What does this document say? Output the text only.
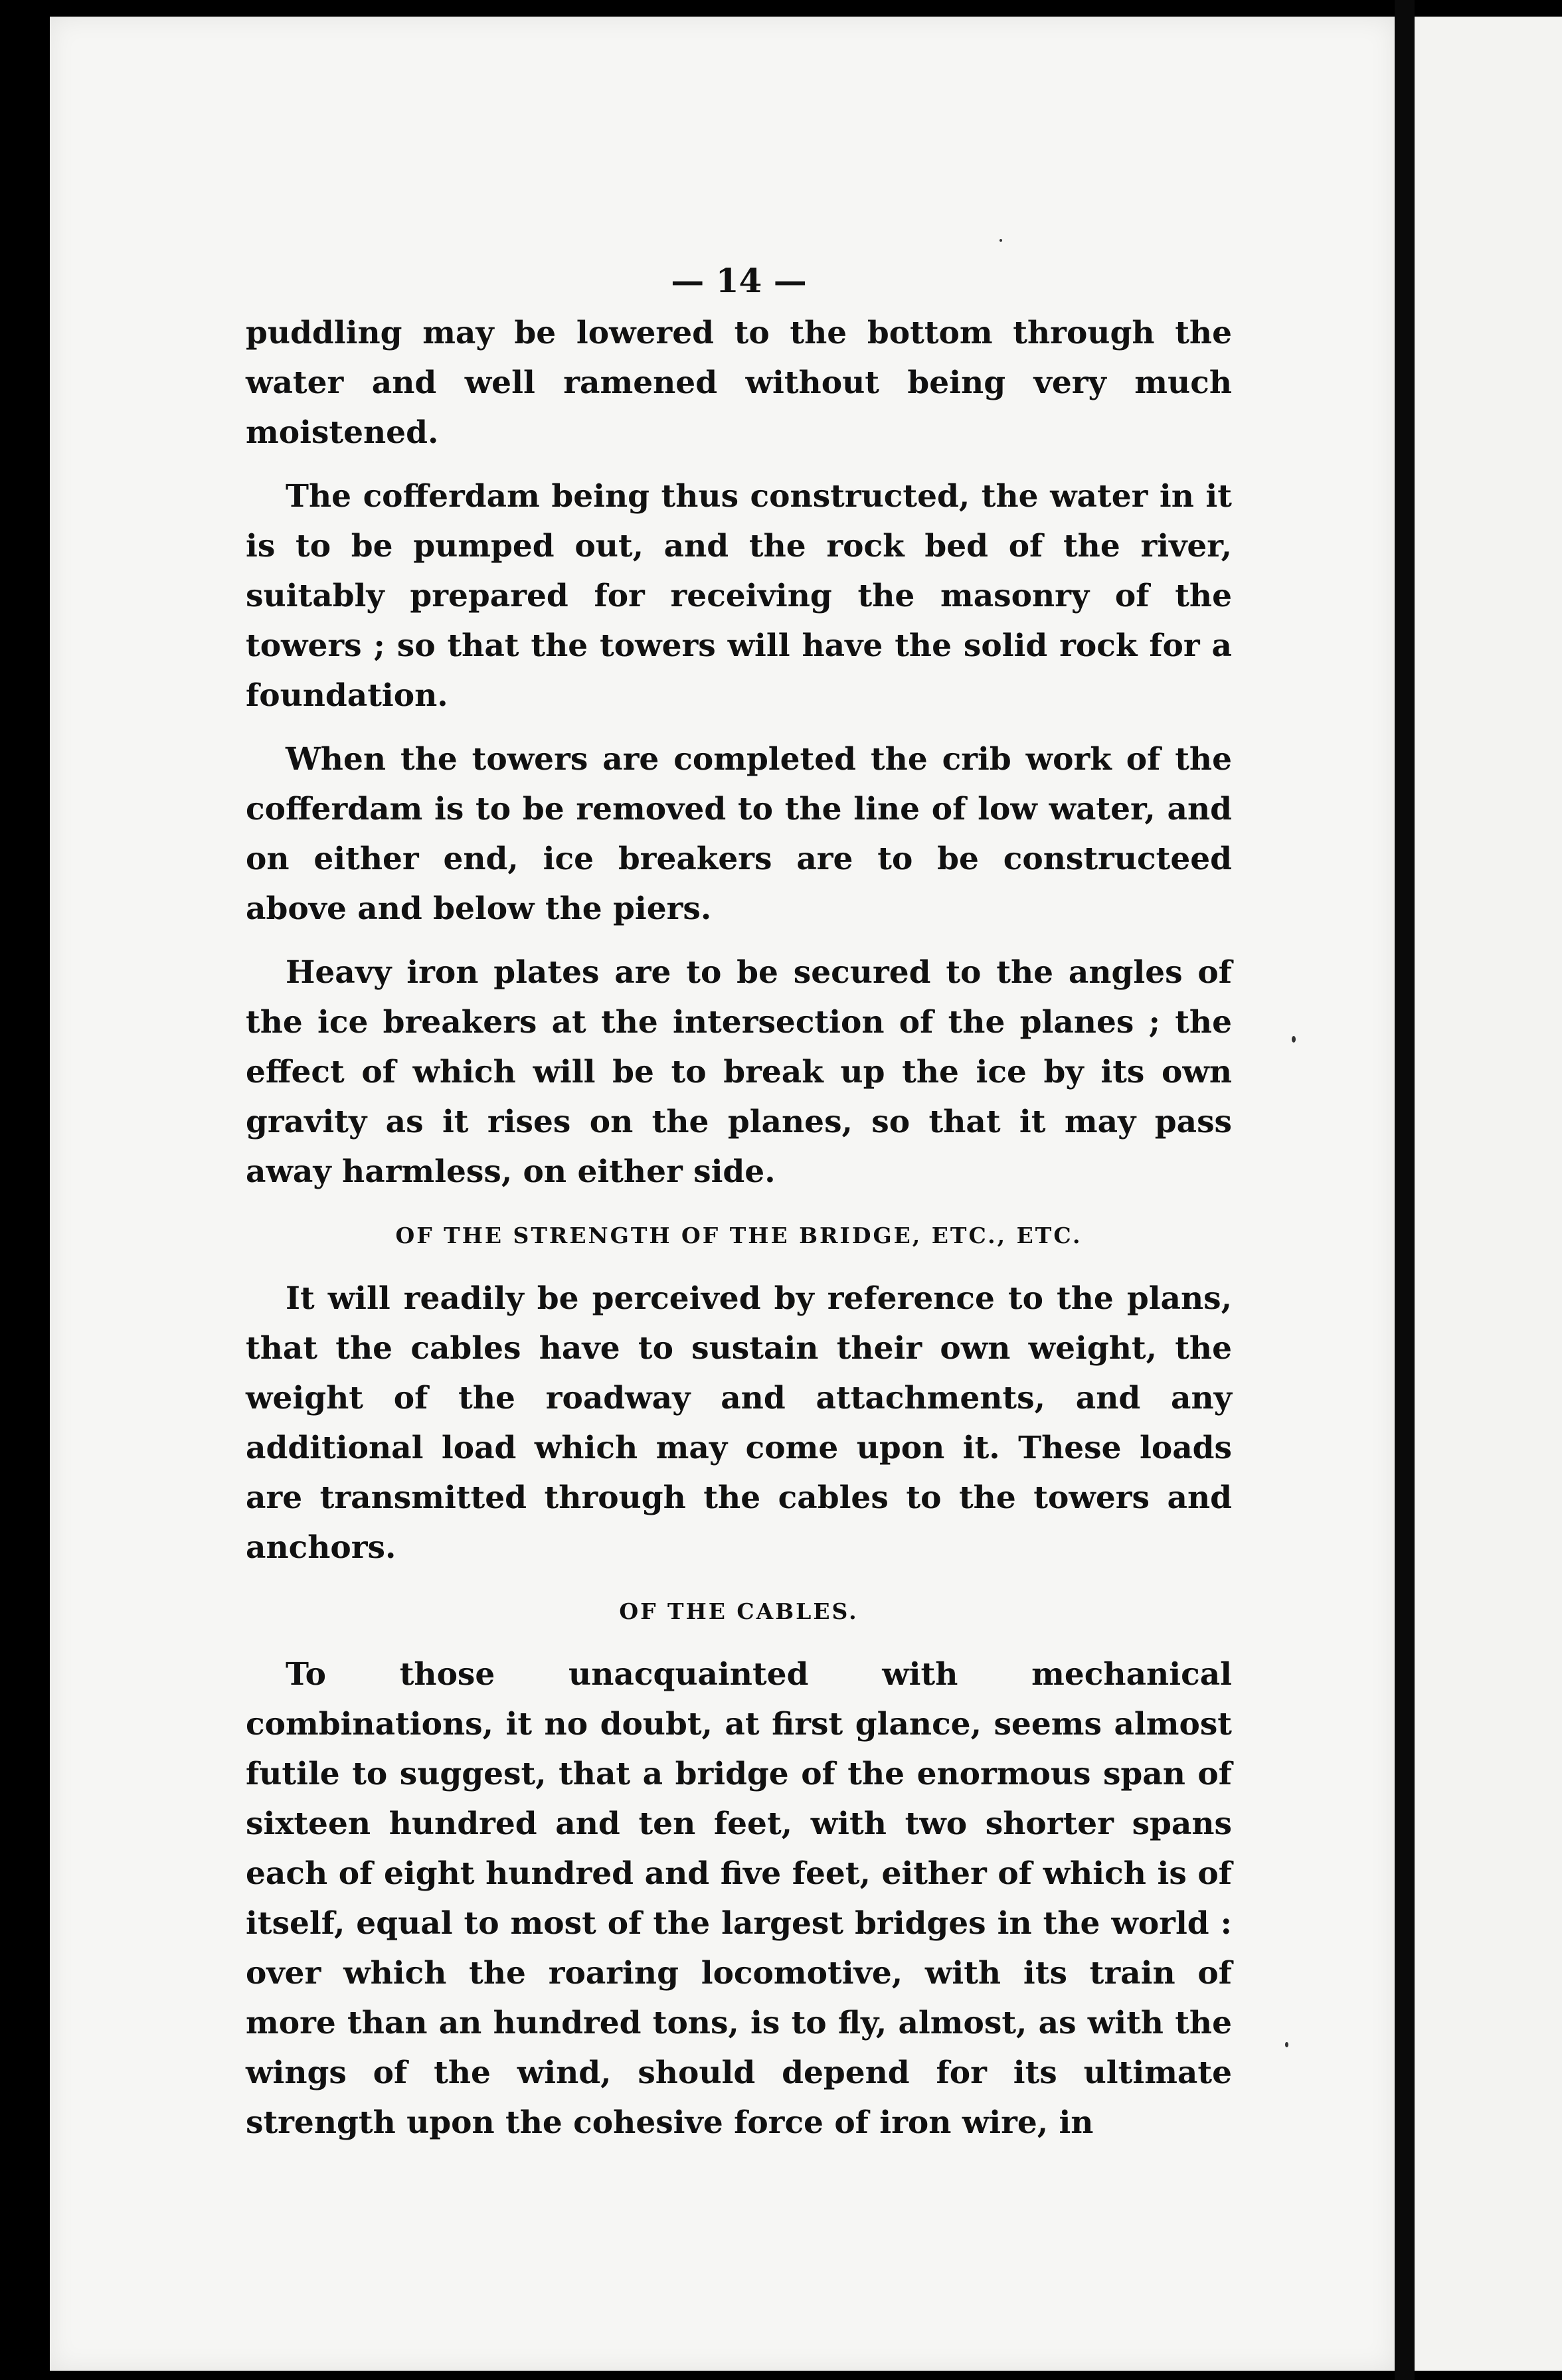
— 14 —

puddling may be lowered to the bottom through the water and well ramened without being very much moistened.

The cofferdam being thus constructed, the water in it is to be pumped out, and the rock bed of the river, suitably prepared for receiving the masonry of the towers ; so that the towers will have the solid rock for a foundation.

When the towers are completed the crib work of the cofferdam is to be removed to the line of low water, and on either end, ice breakers are to be constructeed above and below the piers.

Heavy iron plates are to be secured to the angles of the ice breakers at the intersection of the planes ; the effect of which will be to break up the ice by its own gravity as it rises on the planes, so that it may pass away harmless, on either side.

OF THE STRENGTH OF THE BRIDGE, ETC., ETC.

It will readily be perceived by reference to the plans, that the cables have to sustain their own weight, the weight of the roadway and attachments, and any additional load which may come upon it. These loads are transmitted through the cables to the towers and anchors.

OF THE CABLES.

To those unacquainted with mechanical combinations, it no doubt, at first glance, seems almost futile to suggest, that a bridge of the enormous span of sixteen hundred and ten feet, with two shorter spans each of eight hundred and five feet, either of which is of itself, equal to most of the largest bridges in the world : over which the roaring locomotive, with its train of more than an hundred tons, is to fly, almost, as with the wings of the wind, should depend for its ultimate strength upon the cohesive force of iron wire, in
